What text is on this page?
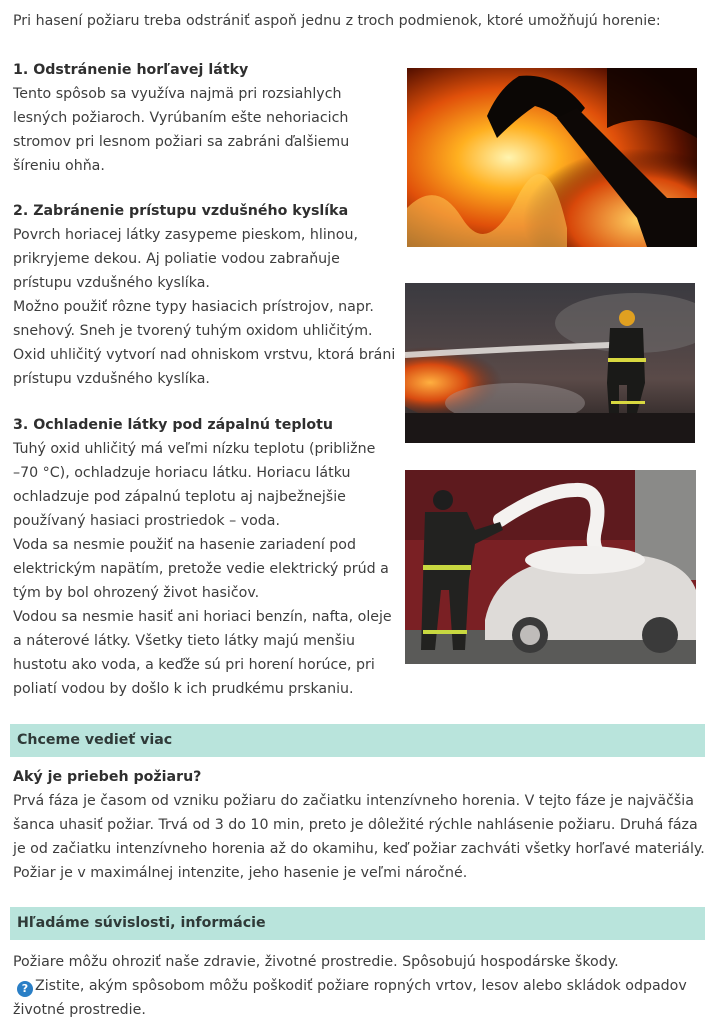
Pri hasení požiaru treba odstrániť aspoň jednu z troch podmienok, ktoré umožňujú horenie:
1. Odstránenie horľavej látky

Tento spôsob sa využíva najmä pri rozsiahlych

lesných požiaroch. Vyrúbaním ešte nehoriacich

stromov pri lesnom požiari sa zabráni ďalšiemu

šíreniu ohňa.

2. Zabránenie prístupu vzdušného kyslíka

Povrch horiacej látky zasypeme pieskom, hlinou,

prikryjeme dekou. Aj poliatie vodou zabraňuje

prístupu vzdušného kyslíka.

Možno použiť rôzne typy hasiacich prístrojov, napr.

snehový. Sneh je tvorený tuhým oxidom uhličitým.

Oxid uhličitý vytvorí nad ohniskom vrstvu, ktorá bráni

prístupu vzdušného kyslíka.

3. Ochladenie látky pod zápalnú teplotu

Tuhý oxid uhličitý má veľmi nízku teplotu (približne

–70 °C), ochladzuje horiacu látku. Horiacu látku

ochladzuje pod zápalnú teplotu aj najbežnejšie

používaný hasiaci prostriedok – voda.

Voda sa nesmie použiť na hasenie zariadení pod

elektrickým napätím, pretože vedie elektrický prúd a

tým by bol ohrozený život hasičov.

Vodou sa nesmie hasiť ani horiaci benzín, nafta, oleje

a náterové látky. Všetky tieto látky majú menšiu

hustotu ako voda, a keďže sú pri horení horúce, pri

poliatí vodou by došlo k ich prudkému prskaniu.

Chceme vedieť viac
Aký je priebeh požiaru?

Prvá fáza je časom od vzniku požiaru do začiatku intenzívneho horenia. V tejto fáze je najväčšia

šanca uhasiť požiar. Trvá od 3 do 10 min, preto je dôležité rýchle nahlásenie požiaru. Druhá fáza

je od začiatku intenzívneho horenia až do okamihu, keď požiar zachváti všetky horľavé materiály.

Požiar je v maximálnej intenzite, jeho hasenie je veľmi náročné.

Hľadáme súvislosti, informácie

Požiare môžu ohroziť naše zdravie, životné prostredie. Spôsobujú hospodárske škody.

? Zistite, akým spôsobom môžu poškodiť požiare ropných vrtov, lesov alebo skládok odpadov

životné prostredie.
